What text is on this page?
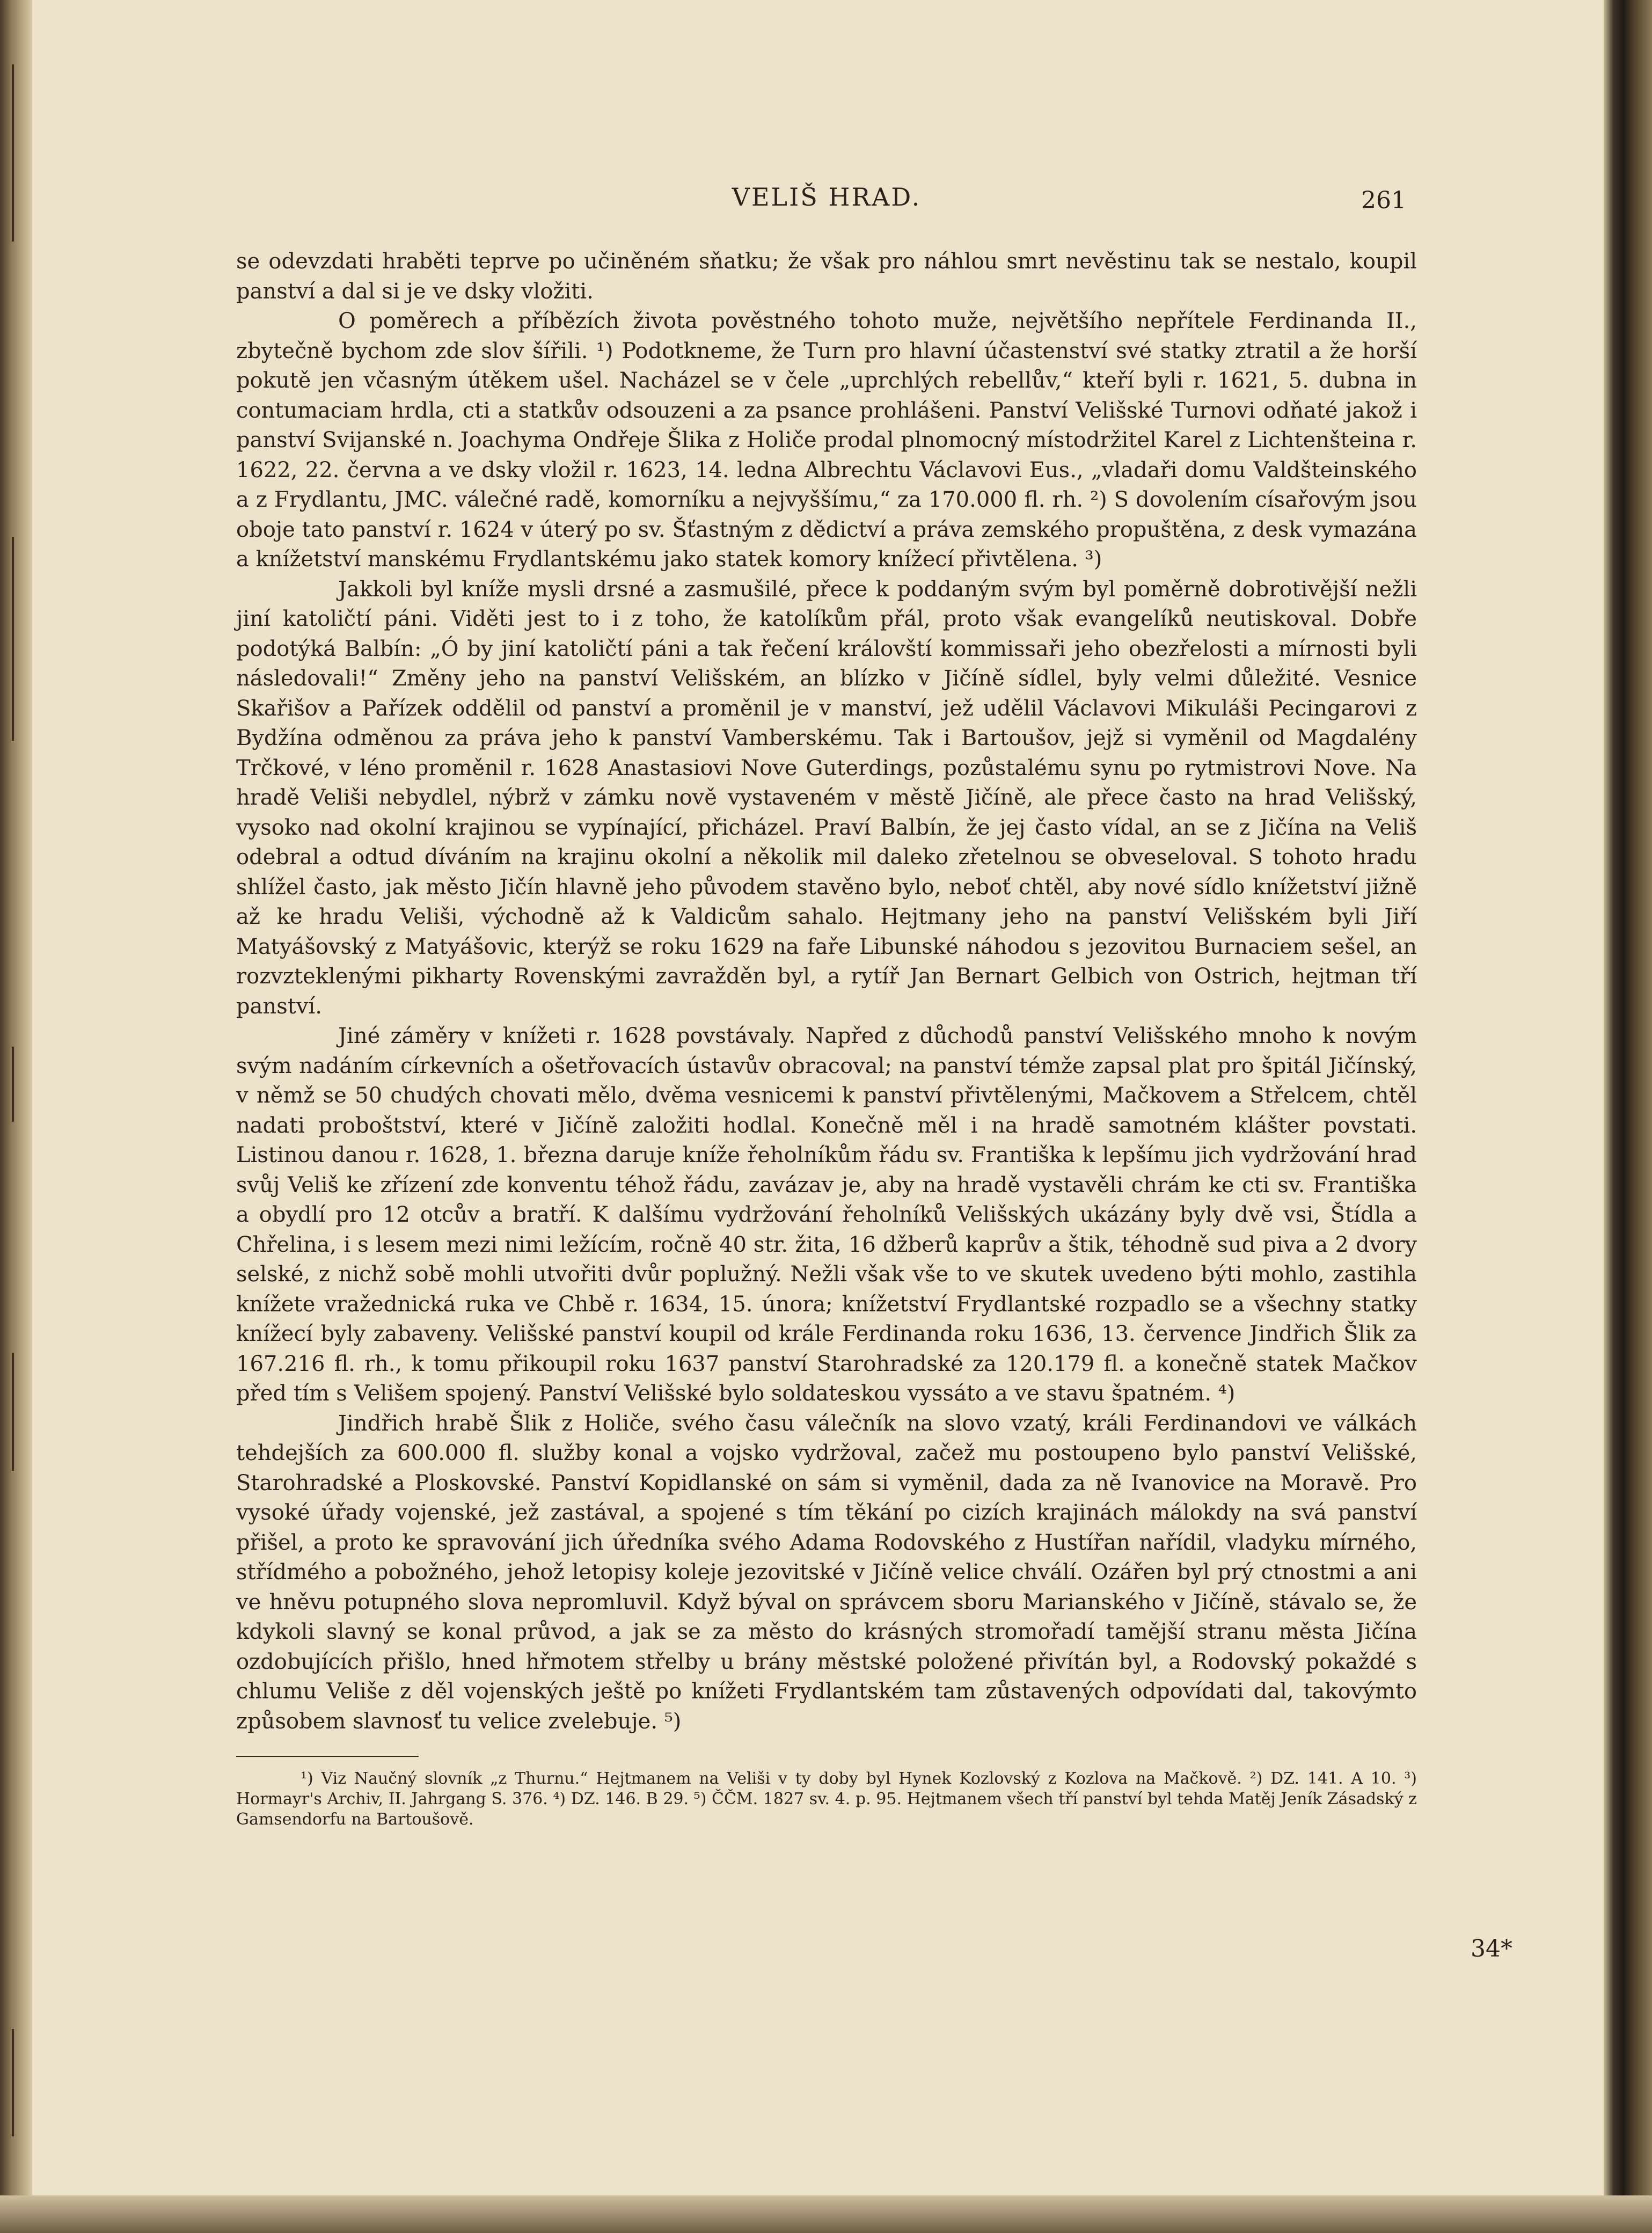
VELIŠ HRAD.	261

se odevzdati hraběti teprve po učiněném sňatku; že však pro náhlou smrt nevěstinu tak se nestalo, koupil panství a dal si je ve dsky vložiti.

O poměrech a příbězích života pověstného tohoto muže, největšího nepřítele Ferdinanda II., zbytečně bychom zde slov šířili. ¹) Podotkneme, že Turn pro hlavní účastenství své statky ztratil a že horší pokutě jen včasným útěkem ušel. Nacházel se v čele „uprchlých rebellův,“ kteří byli r. 1621, 5. dubna in contumaciam hrdla, cti a statkův odsouzeni a za psance prohlášeni. Panství Velišské Turnovi odňaté jakož i panství Svijanské n. Joachyma Ondřeje Šlika z Holiče prodal plnomocný místodržitel Karel z Lichtenšteina r. 1622, 22. června a ve dsky vložil r. 1623, 14. ledna Albrechtu Václavovi Eus., „vladaři domu Valdšteinského a z Frydlantu, JMC. válečné radě, komorníku a nejvyššímu,“ za 170.000 fl. rh. ²) S dovolením císařovým jsou oboje tato panství r. 1624 v úterý po sv. Šťastným z dědictví a práva zemského propuštěna, z desk vymazána a knížetství manskému Frydlantskému jako statek komory knížecí přivtělena. ³)

Jakkoli byl kníže mysli drsné a zasmušilé, přece k poddaným svým byl poměrně dobrotivější nežli jiní katoličtí páni. Viděti jest to i z toho, že katolíkům přál, proto však evangelíků neutiskoval. Dobře podotýká Balbín: „Ó by jiní katoličtí páni a tak řečení královští kommissaři jeho obezřelosti a mírnosti byli následovali!“ Změny jeho na panství Velišském, an blízko v Jičíně sídlel, byly velmi důležité. Vesnice Skařišov a Pařízek oddělil od panství a proměnil je v manství, jež udělil Václavovi Mikuláši Pecingarovi z Bydžína odměnou za práva jeho k panství Vamberskému. Tak i Bartoušov, jejž si vyměnil od Magdalény Trčkové, v léno proměnil r. 1628 Anastasiovi Nove Guterdings, pozůstalému synu po rytmistrovi Nove. Na hradě Veliši nebydlel, nýbrž v zámku nově vystaveném v městě Jičíně, ale přece často na hrad Velišský, vysoko nad okolní krajinou se vypínající, přicházel. Praví Balbín, že jej často vídal, an se z Jičína na Veliš odebral a odtud díváním na krajinu okolní a několik mil daleko zřetelnou se obveseloval. S tohoto hradu shlížel často, jak město Jičín hlavně jeho původem stavěno bylo, neboť chtěl, aby nové sídlo knížetství jižně až ke hradu Veliši, východně až k Valdicům sahalo. Hejtmany jeho na panství Velišském byli Jiří Matyášovský z Matyášovic, kterýž se roku 1629 na faře Libunské náhodou s jezovitou Burnaciem sešel, an rozvzteklenými pikharty Rovenskými zavražděn byl, a rytíř Jan Bernart Gelbich von Ostrich, hejtman tří panství.

Jiné záměry v knížeti r. 1628 povstávaly. Napřed z důchodů panství Velišského mnoho k novým svým nadáním církevních a ošetřovacích ústavův obracoval; na panství témže zapsal plat pro špitál Jičínský, v němž se 50 chudých chovati mělo, dvěma vesnicemi k panství přivtělenými, Mačkovem a Střelcem, chtěl nadati proboštství, které v Jičíně založiti hodlal. Konečně měl i na hradě samotném klášter povstati. Listinou danou r. 1628, 1. března daruje kníže řeholníkům řádu sv. Františka k lepšímu jich vydržování hrad svůj Veliš ke zřízení zde konventu téhož řádu, zavázav je, aby na hradě vystavěli chrám ke cti sv. Františka a obydlí pro 12 otcův a bratří. K dalšímu vydržování řeholníků Velišských ukázány byly dvě vsi, Štídla a Chřelina, i s lesem mezi nimi ležícím, ročně 40 str. žita, 16 džberů kaprův a štik, téhodně sud piva a 2 dvory selské, z nichž sobě mohli utvořiti dvůr poplužný. Nežli však vše to ve skutek uvedeno býti mohlo, zastihla knížete vražednická ruka ve Chbě r. 1634, 15. února; knížetství Frydlantské rozpadlo se a všechny statky knížecí byly zabaveny. Velišské panství koupil od krále Ferdinanda roku 1636, 13. července Jindřich Šlik za 167.216 fl. rh., k tomu přikoupil roku 1637 panství Starohradské za 120.179 fl. a konečně statek Mačkov před tím s Velišem spojený. Panství Velišské bylo soldateskou vyssáto a ve stavu špatném. ⁴)

Jindřich hrabě Šlik z Holiče, svého času válečník na slovo vzatý, králi Ferdinandovi ve válkách tehdejších za 600.000 fl. služby konal a vojsko vydržoval, začež mu postoupeno bylo panství Velišské, Starohradské a Ploskovské. Panství Kopidlanské on sám si vyměnil, dada za ně Ivanovice na Moravě. Pro vysoké úřady vojenské, jež zastával, a spojené s tím těkání po cizích krajinách málokdy na svá panství přišel, a proto ke spravování jich úředníka svého Adama Rodovského z Hustířan nařídil, vladyku mírného, střídmého a pobožného, jehož letopisy koleje jezovitské v Jičíně velice chválí. Ozářen byl prý ctnostmi a ani ve hněvu potupného slova nepromluvil. Když býval on správcem sboru Marianského v Jičíně, stávalo se, že kdykoli slavný se konal průvod, a jak se za město do krásných stromořadí tamější stranu města Jičína ozdobujících přišlo, hned hřmotem střelby u brány městské položené přivítán byl, a Rodovský pokaždé s chlumu Veliše z děl vojenských ještě po knížeti Frydlantském tam zůstavených odpovídati dal, takovýmto způsobem slavnosť tu velice zvelebuje. ⁵)

¹) Viz Naučný slovník „z Thurnu.“ Hejtmanem na Veliši v ty doby byl Hynek Kozlovský z Kozlova na Mačkově. ²) DZ. 141. A 10. ³) Hormayr's Archiv, II. Jahrgang S. 376. ⁴) DZ. 146. B 29. ⁵) ČČM. 1827 sv. 4. p. 95. Hejtmanem všech tří panství byl tehda Matěj Jeník Zásadský z Gamsendorfu na Bartoušově.

34*
